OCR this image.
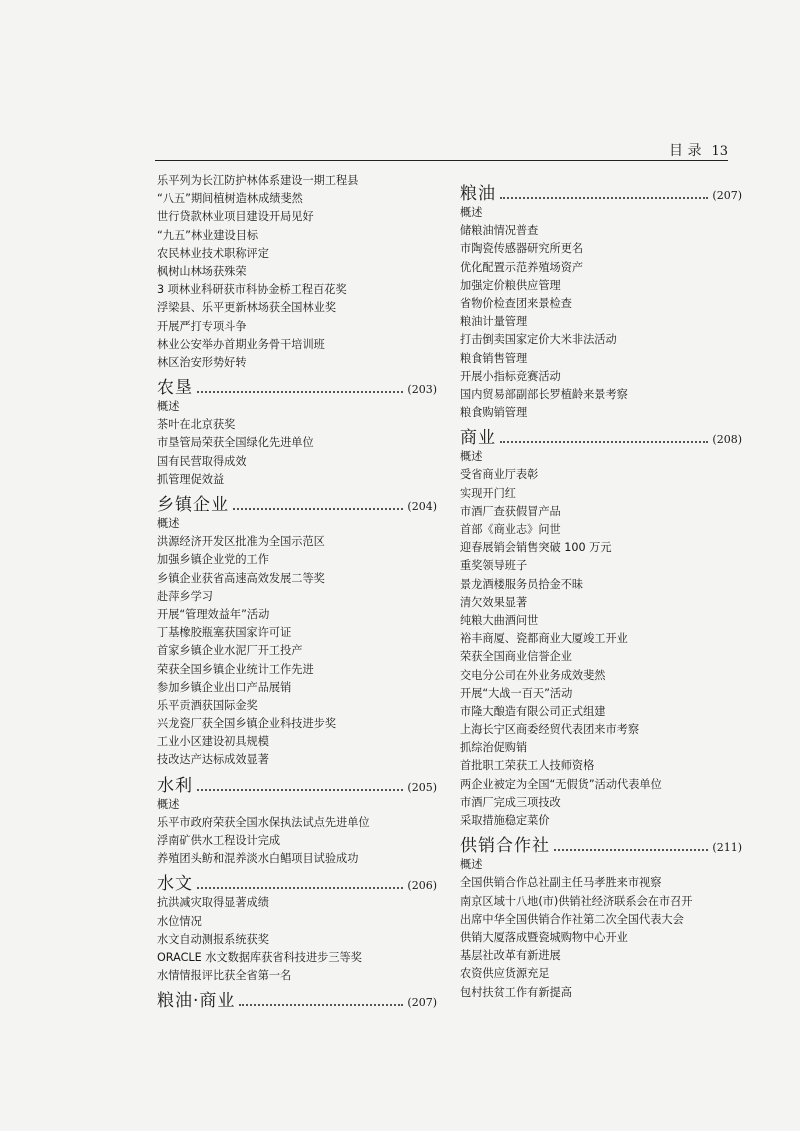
目 录 13
乐平列为长江防护林体系建设一期工程县
“八五”期间植树造林成绩斐然
世行贷款林业项目建设开局见好
“九五”林业建设目标
农民林业技术职称评定
枫树山林场获殊荣
3 项林业科研获市科协金桥工程百花奖
浮梁县、乐平更新林场获全国林业奖
开展严打专项斗争
林业公安举办首期业务骨干培训班
林区治安形势好转
农垦	(203)
概述
茶叶在北京获奖
市垦管局荣获全国绿化先进单位
国有民营取得成效
抓管理促效益
乡镇企业	(204)
概述
洪源经济开发区批准为全国示范区
加强乡镇企业党的工作
乡镇企业获省高速高效发展二等奖
赴萍乡学习
开展“管理效益年”活动
丁基橡胶瓶塞获国家许可证
首家乡镇企业水泥厂开工投产
荣获全国乡镇企业统计工作先进
参加乡镇企业出口产品展销
乐平贡酒获国际金奖
兴龙瓷厂获全国乡镇企业科技进步奖
工业小区建设初具规模
技改达产达标成效显著
水利	(205)
概述
乐平市政府荣获全国水保执法试点先进单位
浮南矿供水工程设计完成
养殖团头鲂和混养淡水白鲳项目试验成功
水文	(206)
抗洪减灾取得显著成绩
水位情况
水文自动测报系统获奖
ORACLE 水文数据库获省科技进步三等奖
水情情报评比获全省第一名
粮油·商业	(207)
粮油	(207)
概述
储粮油情况普查
市陶瓷传感器研究所更名
优化配置示范养殖场资产
加强定价粮供应管理
省物价检查团来景检查
粮油计量管理
打击倒卖国家定价大米非法活动
粮食销售管理
开展小指标竞赛活动
国内贸易部副部长罗植龄来景考察
粮食购销管理
商业	(208)
概述
受省商业厅表彰
实现开门红
市酒厂查获假冒产品
首部《商业志》问世
迎春展销会销售突破 100 万元
重奖领导班子
景龙酒楼服务员拾金不昧
清欠效果显著
纯粮大曲酒问世
裕丰商厦、瓷都商业大厦竣工开业
荣获全国商业信誉企业
交电分公司在外业务成效斐然
开展“大战一百天”活动
市隆大酿造有限公司正式组建
上海长宁区商委经贸代表团来市考察
抓综治促购销
首批职工荣获工人技师资格
两企业被定为全国“无假货”活动代表单位
市酒厂完成三项技改
采取措施稳定菜价
供销合作社	(211)
概述
全国供销合作总社副主任马孝胜来市视察
南京区域十八地(市)供销社经济联系会在市召开
出席中华全国供销合作社第二次全国代表大会
供销大厦落成暨瓷城购物中心开业
基层社改革有新进展
农资供应货源充足
包村扶贫工作有新提高
